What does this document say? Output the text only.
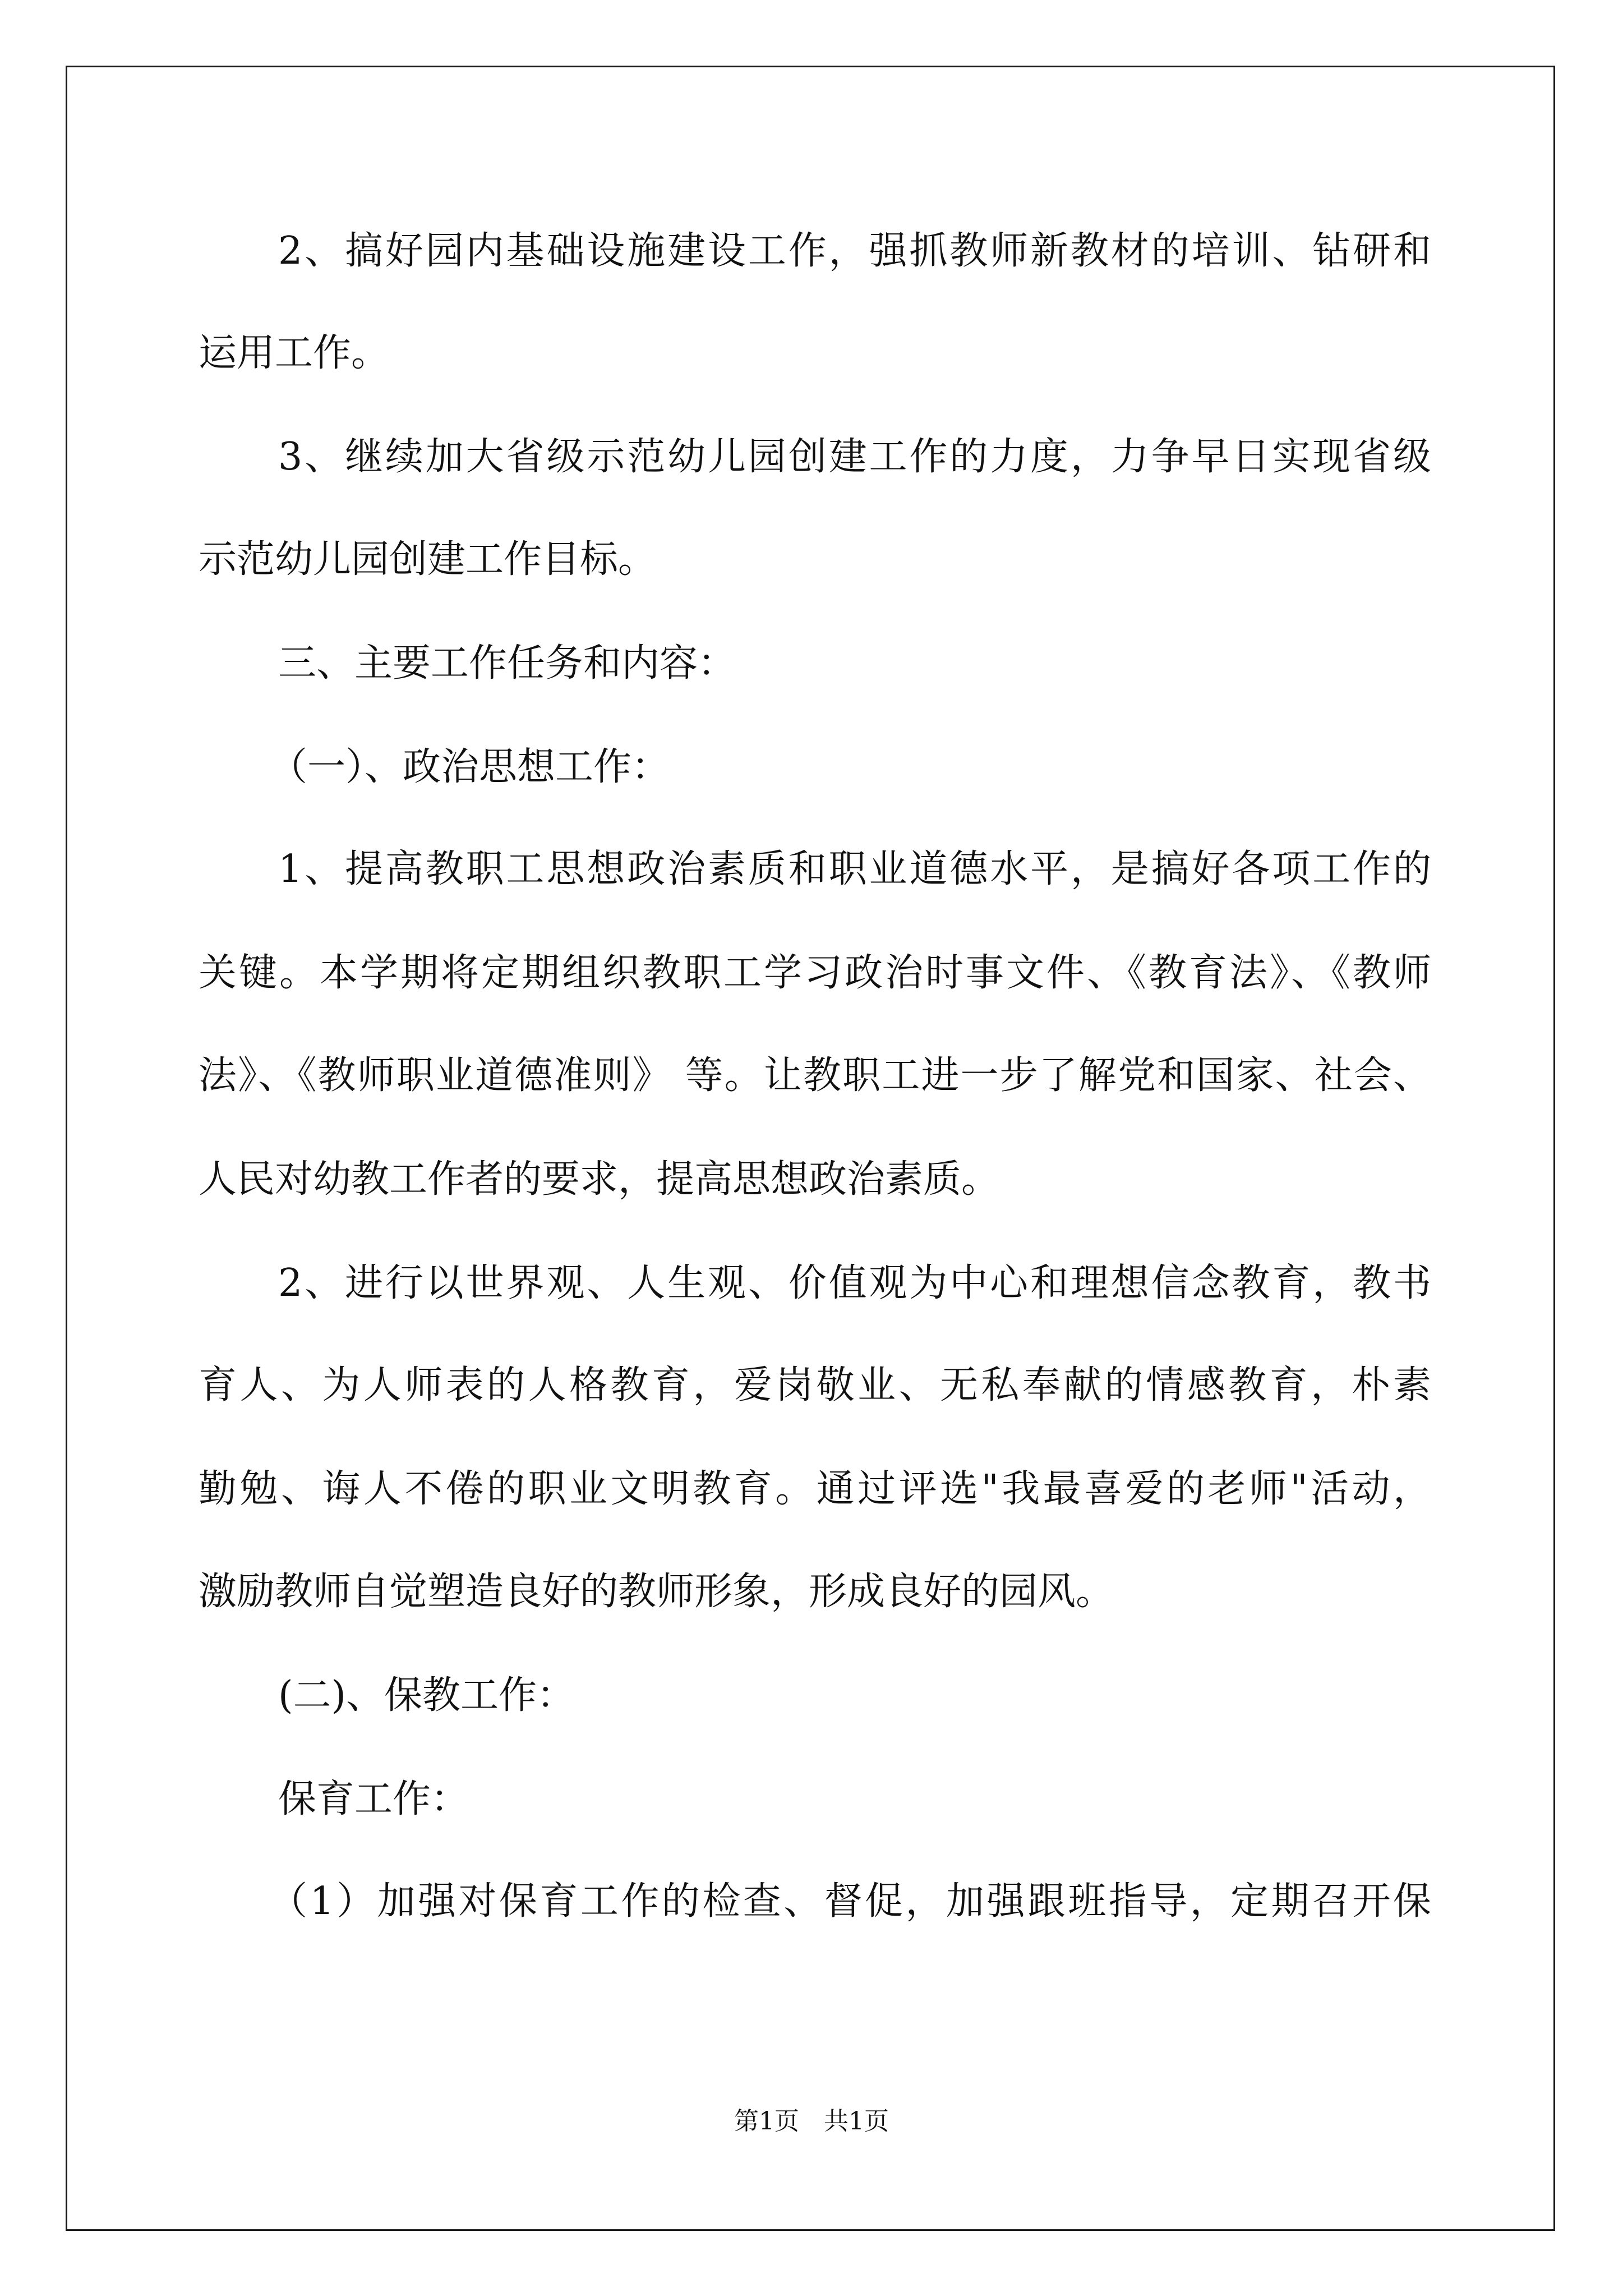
2、搞好园内基础设施建设工作，强抓教师新教材的培训、钻研和
运用工作。
3、继续加大省级示范幼儿园创建工作的力度，力争早日实现省级
示范幼儿园创建工作目标。
三、主要工作任务和内容：
（一）、政治思想工作：
1、提高教职工思想政治素质和职业道德水平，是搞好各项工作的
关键。本学期将定期组织教职工学习政治时事文件、《教育法》、《教师
法》、《教师职业道德准则》 等。让教职工进一步了解党和国家、社会、
人民对幼教工作者的要求，提高思想政治素质。
2、进行以世界观、人生观、价值观为中心和理想信念教育，教书
育人、为人师表的人格教育，爱岗敬业、无私奉献的情感教育，朴素
勤勉、诲人不倦的职业文明教育。通过评选"我最喜爱的老师"活动，
激励教师自觉塑造良好的教师形象，形成良好的园风。
(二)、保教工作：
保育工作：
（1）加强对保育工作的检查、督促，加强跟班指导，定期召开保
第1页　共1页
